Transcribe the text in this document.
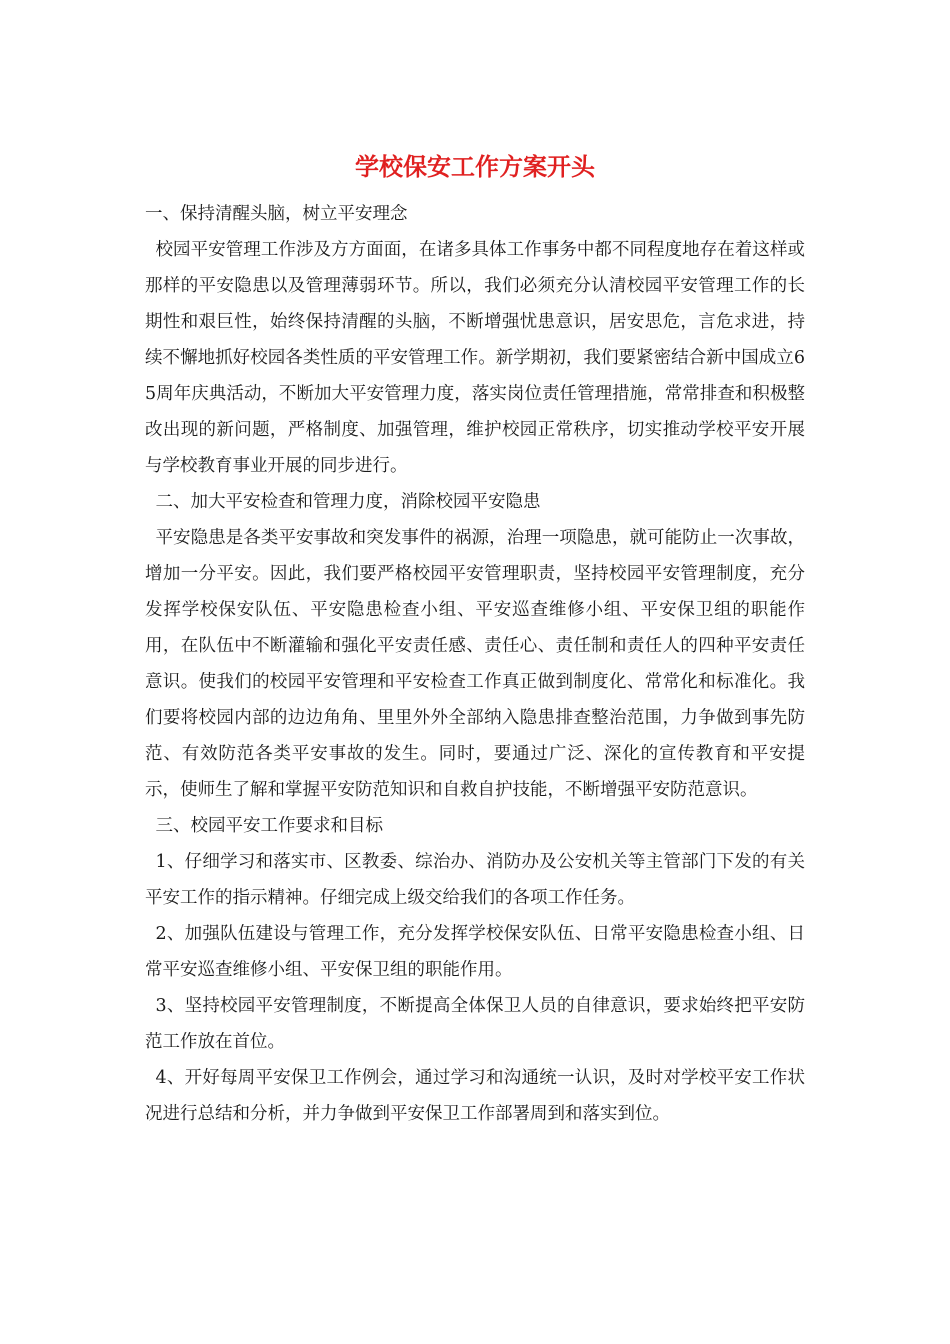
学校保安工作方案开头

一、保持清醒头脑，树立平安理念

校园平安管理工作涉及方方面面，在诸多具体工作事务中都不同程度地存在着这样或那样的平安隐患以及管理薄弱环节。所以，我们必须充分认清校园平安管理工作的长期性和艰巨性，始终保持清醒的头脑，不断增强忧患意识，居安思危，言危求进，持续不懈地抓好校园各类性质的平安管理工作。新学期初，我们要紧密结合新中国成立65周年庆典活动，不断加大平安管理力度，落实岗位责任管理措施，常常排查和积极整改出现的新问题，严格制度、加强管理，维护校园正常秩序，切实推动学校平安开展与学校教育事业开展的同步进行。

二、加大平安检查和管理力度，消除校园平安隐患

平安隐患是各类平安事故和突发事件的祸源，治理一项隐患，就可能防止一次事故，增加一分平安。因此，我们要严格校园平安管理职责，坚持校园平安管理制度，充分发挥学校保安队伍、平安隐患检查小组、平安巡查维修小组、平安保卫组的职能作用，在队伍中不断灌输和强化平安责任感、责任心、责任制和责任人的四种平安责任意识。使我们的校园平安管理和平安检查工作真正做到制度化、常常化和标准化。我们要将校园内部的边边角角、里里外外全部纳入隐患排查整治范围，力争做到事先防范、有效防范各类平安事故的发生。同时，要通过广泛、深化的宣传教育和平安提示，使师生了解和掌握平安防范知识和自救自护技能，不断增强平安防范意识。

三、校园平安工作要求和目标

1、仔细学习和落实市、区教委、综治办、消防办及公安机关等主管部门下发的有关平安工作的指示精神。仔细完成上级交给我们的各项工作任务。

2、加强队伍建设与管理工作，充分发挥学校保安队伍、日常平安隐患检查小组、日常平安巡查维修小组、平安保卫组的职能作用。

3、坚持校园平安管理制度，不断提高全体保卫人员的自律意识，要求始终把平安防范工作放在首位。

4、开好每周平安保卫工作例会，通过学习和沟通统一认识，及时对学校平安工作状况进行总结和分析，并力争做到平安保卫工作部署周到和落实到位。
